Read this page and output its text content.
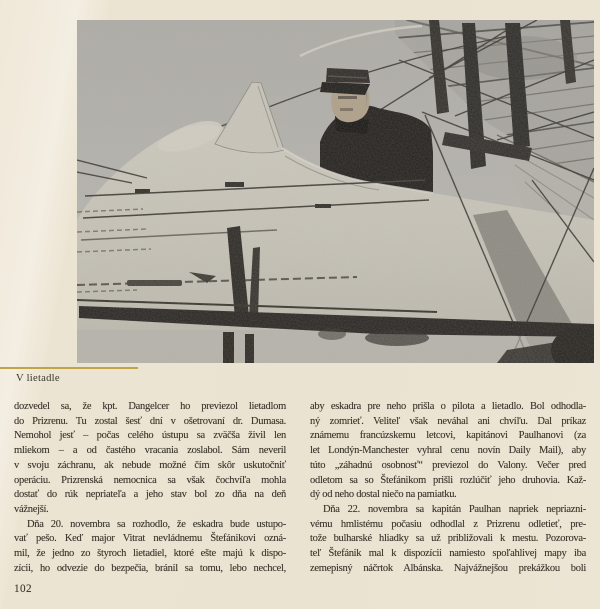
V lietadle
dozvedel sa, že kpt. Dangelcer ho previezol lietadlom
do Prizrenu. Tu zostal šesť dní v ošetrovaní dr. Dumasa.
Nemohol jesť – počas celého ústupu sa zväčša živil len
mliekom – a od častého vracania zoslabol. Sám neveril
v svoju záchranu, ak nebude možné čím skôr uskutočniť
operáciu. Prizrenská nemocnica sa však čochvíľa mohla
dostať do rúk nepriateľa a jeho stav bol zo dňa na deň
vážnejší.
Dňa 20. novembra sa rozhodlo, že eskadra bude ustupo-
vať pešo. Keď major Vitrat nevládnemu Štefánikovi ozná-
mil, že jedno zo štyroch lietadiel, ktoré ešte majú k dispo-
zícii, ho odvezie do bezpečia, bránil sa tomu, lebo nechcel,
aby eskadra pre neho prišla o pilota a lietadlo. Bol odhodla-
ný zomrieť. Veliteľ však neváhal ani chvíľu. Dal príkaz
známemu francúzskemu letcovi, kapitánovi Paulhanovi (za
let Londýn-Manchester vyhral cenu novín Daily Mail), aby
túto „záhadnú osobnosť“ previezol do Valony. Večer pred
odletom sa so Štefánikom prišli rozlúčiť jeho druhovia. Kaž-
dý od neho dostal niečo na pamiatku.
Dňa 22. novembra sa kapitán Paulhan napriek nepriazni-
vému hmlistému počasiu odhodlal z Prizrenu odletieť, pre-
tože bulharské hliadky sa už približovali k mestu. Pozorova-
teľ Štefánik mal k dispozícii namiesto spoľahlivej mapy iba
zemepisný náčrtok Albánska. Najvážnejšou prekážkou boli
102
